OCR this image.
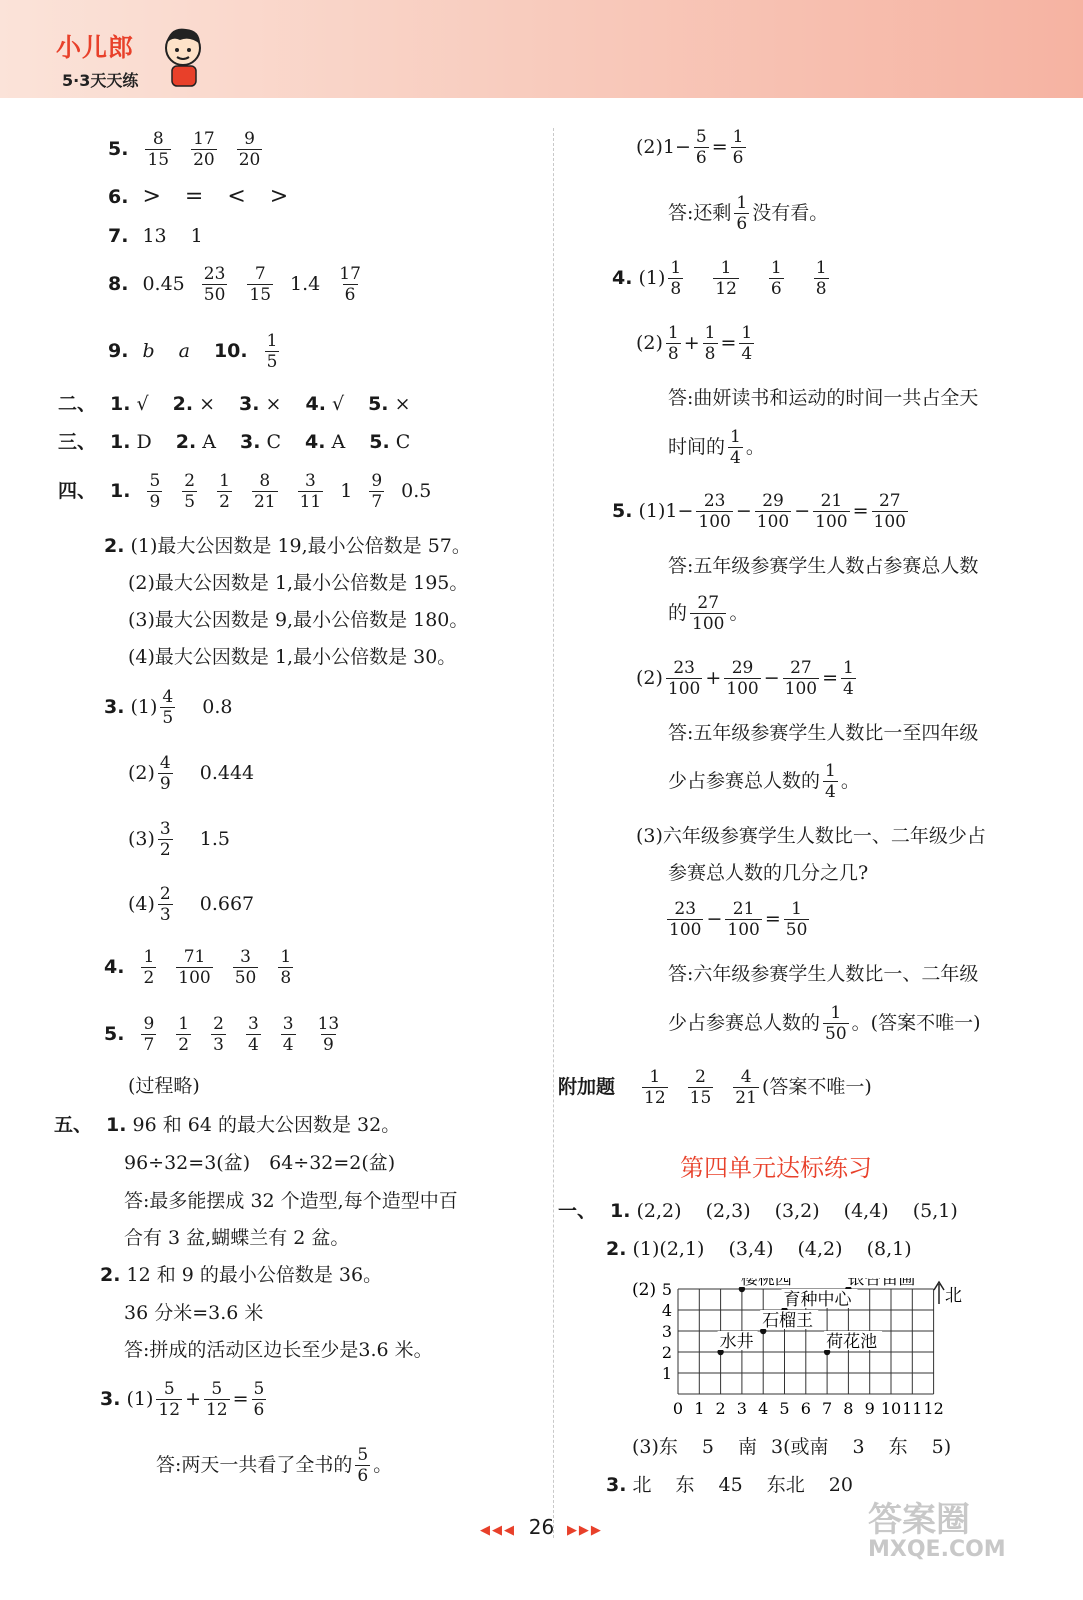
小儿郎
5·3天天练
5. 8
15
17
20
9
20
6. > = < >
7. 13 1
8. 0.45 23
50
7
15 1.4 17
6
9. b a 10. 1
5
二、 1.
√ 2.
× 3.
× 4.
√ 5.
×
三、 1.
D 2.
A 3.
C 4.
A 5.
C
四、 1. 5
9
2
5
1
2
8
21
3
11 1 9
7 0.5
2.
(1)最大公因数是 19,最小公倍数是 57。
(2)最大公因数是 1,最小公倍数是 195。
(3)最大公因数是 9,最小公倍数是 180。
(4)最大公因数是 1,最小公倍数是 30。
3.
(1) 4
5 0.8
(2) 4
9 0.444
(3) 3
2 1.5
(4) 2
3 0.667
4. 1
2
71
100
3
50
1
8
5. 9
7
1
2
2
3
3
4
3
4
13
9
(过程略)
五、 1.
96 和 64 的最大公因数是 32。
96÷32=3(盆)　64÷32=2(盆)
答:最多能摆成 32 个造型,每个造型中百
合有 3 盆,蝴蝶兰有 2 盆。
2.
12 和 9 的最小公倍数是 36。
36 分米=3.6 米
答:拼成的活动区边长至少是3.6 米。
3.
(1) 5
$12 + \frac{5}{12} = \frac{5}{6}$
答:两天一共看了全书的 5
6 。
$(2)1- \frac{5}{6} = \frac{1}{6}$
答:还剩 1
6 没有看。
4.
(1) 1
8
1
12
1
6
1
8
(2) 1
$8 + \frac{1}{8} = \frac{1}{4}$
答:曲妍读书和运动的时间一共占全天
时间的 1
4 。
5.
$(1)1- \frac{23}{100} - \frac{29}{100} - \frac{21}{100} = \frac{27}{100}$
答:五年级参赛学生人数占参赛总人数
的 27
100 。
(2) 23
$100 + \frac{29}{100} - \frac{27}{100} = \frac{1}{4}$
答:五年级参赛学生人数比一至四年级
少占参赛总人数的 1
4 。
(3)六年级参赛学生人数比一、二年级少占
参赛总人数的几分之几?
23
$100 - \frac{21}{100} = \frac{1}{50}$
答:六年级参赛学生人数比一、二年级
少占参赛总人数的 1
50 。(答案不唯一)
附加题 1
12
2
15
4
21 (答案不唯一)
第四单元达标练习
一、 1.
(2,2) (2,3) (3,2) (4,4) (5,1)
2.
(1) (2,1) (3,4) (4,2) (8,1)
(2)
0 1 2 3 4 5 6 7 8 9 10 11 12
1
2
3
4
5
樱桃园	银杏苗圃
育种中心
石榴王
荷花池
水井
北
(3)东 5 南 3(或南 3 东 5)
3.
北 东 45 东北 20
◀◀◀ 26 ▶▶▶	答案圈
MXQE.COM
